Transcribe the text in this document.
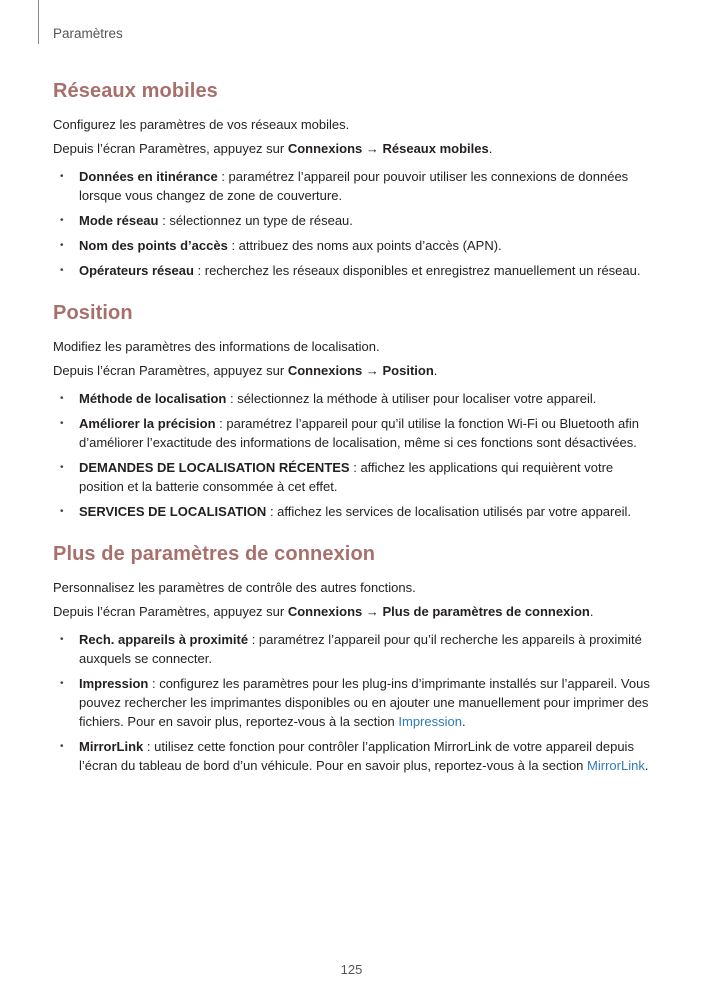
Paramètres
Réseaux mobiles

Configurez les paramètres de vos réseaux mobiles.

Depuis l’écran Paramètres, appuyez sur Connexions → Réseaux mobiles.

• Données en itinérance : paramétrez l’appareil pour pouvoir utiliser les connexions de données lorsque vous changez de zone de couverture.
• Mode réseau : sélectionnez un type de réseau.
• Nom des points d’accès : attribuez des noms aux points d’accès (APN).
• Opérateurs réseau : recherchez les réseaux disponibles et enregistrez manuellement un réseau.
Position

Modifiez les paramètres des informations de localisation.

Depuis l’écran Paramètres, appuyez sur Connexions → Position.

• Méthode de localisation : sélectionnez la méthode à utiliser pour localiser votre appareil.
• Améliorer la précision : paramétrez l’appareil pour qu’il utilise la fonction Wi-Fi ou Bluetooth afin d’améliorer l’exactitude des informations de localisation, même si ces fonctions sont désactivées.
• DEMANDES DE LOCALISATION RÉCENTES : affichez les applications qui requièrent votre position et la batterie consommée à cet effet.
• SERVICES DE LOCALISATION : affichez les services de localisation utilisés par votre appareil.
Plus de paramètres de connexion

Personnalisez les paramètres de contrôle des autres fonctions.

Depuis l’écran Paramètres, appuyez sur Connexions → Plus de paramètres de connexion.

• Rech. appareils à proximité : paramétrez l’appareil pour qu’il recherche les appareils à proximité auxquels se connecter.
• Impression : configurez les paramètres pour les plug-ins d’imprimante installés sur l’appareil. Vous pouvez rechercher les imprimantes disponibles ou en ajouter une manuellement pour imprimer des fichiers. Pour en savoir plus, reportez-vous à la section Impression.
• MirrorLink : utilisez cette fonction pour contrôler l’application MirrorLink de votre appareil depuis l’écran du tableau de bord d’un véhicule. Pour en savoir plus, reportez-vous à la section MirrorLink.
125
